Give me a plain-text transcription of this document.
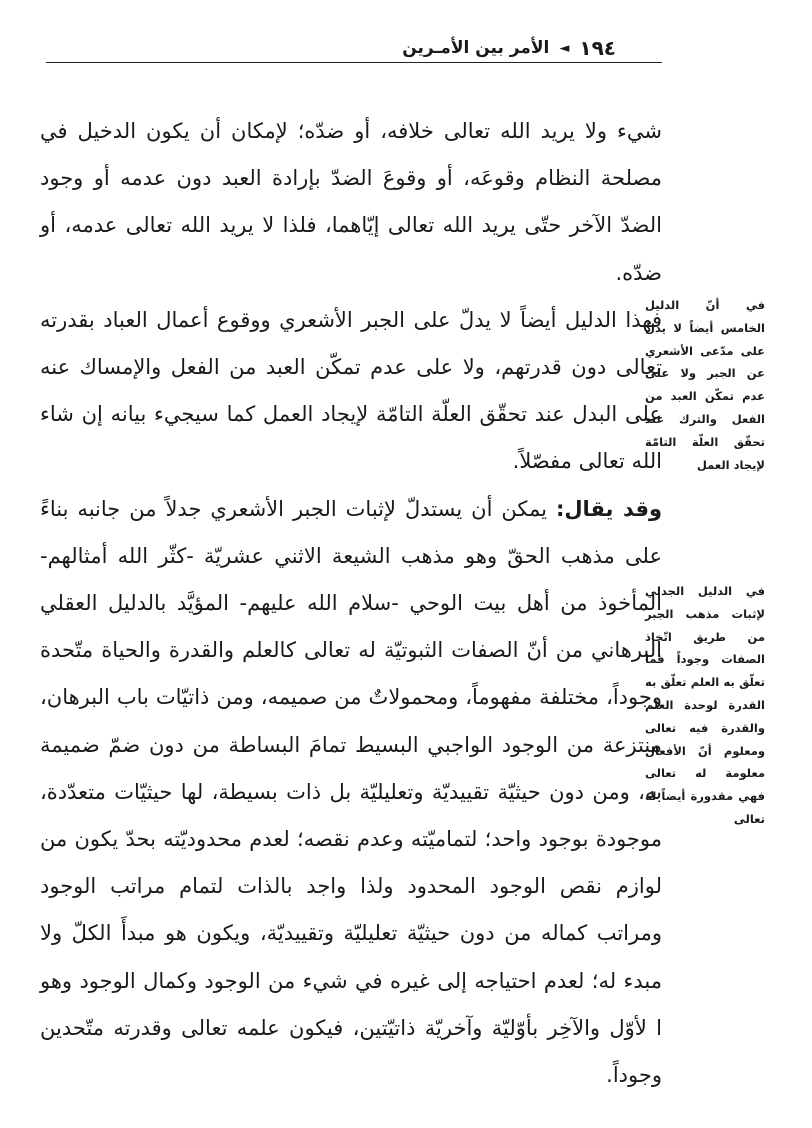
١٩٤
◄
الأمر بين الأمـرين

شيء ولا يريد الله تعالى خلافه، أو ضدّه؛ لإمكان أن يكون الدخيل في مصلحة النظام وقوعَه، أو وقوعَ الضدّ بإرادة العبد دون عدمه أو وجود الضدّ الآخر حتّى يريد الله تعالى إيّاهما، فلذا لا يريد الله تعالى عدمه، أو ضدّه.

فهذا الدليل أيضاً لا يدلّ على الجبر الأشعري ووقوع أعمال العباد بقدرته تعالى دون قدرتهم، ولا على عدم تمكّن العبد من الفعل والإمساك عنه على البدل عند تحقّق العلّة التامّة لإيجاد العمل كما سيجيء بيانه إن شاء الله تعالى مفصّلاً.

وقد يقال: يمكن أن يستدلّ لإثبات الجبر الأشعري جدلاً من جانبه بناءً على مذهب الحقّ وهو مذهب الشيعة الاثني عشريّة -كثّر الله أمثالهم- المأخوذ من أهل بيت الوحي -سلام الله عليهم- المؤيَّد بالدليل العقلي البرهاني من أنّ الصفات الثبوتيّة له تعالى كالعلم والقدرة والحياة متّحدة وجوداً، مختلفة مفهوماً، ومحمولاتٌ من صميمه، ومن ذاتيّات باب البرهان، منتزعة من الوجود الواجبي البسيط تمامَ البساطة من دون ضمّ ضميمة به، ومن دون حيثيّة تقييديّة وتعليليّة بل ذات بسيطة، لها حيثيّات متعدّدة، موجودة بوجود واحد؛ لتماميّته وعدم نقصه؛ لعدم محدوديّته بحدّ يكون من لوازم نقص الوجود المحدود ولذا واجد بالذات لتمام مراتب الوجود ومراتب كماله من دون حيثيّة تعليليّة وتقييديّة، ويكون هو مبدأَ الكلّ ولا مبدء له؛ لعدم احتياجه إلى غيره في شيء من الوجود وكمال الوجود وهو ا لأوّل والآخِر بأوّليّة وآخريّة ذاتيّتين، فيكون علمه تعالى وقدرته متّحدين وجوداً.

في أنّ الدليل الخامس أيضاً لا يدلّ على مدّعى الأشعري عن الجبر ولا على عدم تمكّن العبد من الفعل والترك عند تحقّق العلّة التامّة لإيجاد العمل
في الدليل الجدلي لإثبات مذهب الجبر من طريق اتّخاذ الصفات وجوداً فما تعلّق به العلم تعلّق به القدرة لوحدة العلم والقدرة فيه تعالى ومعلوم أنّ الأفعال معلومة له تعالى فهي مقدورة أيضاً له تعالى
